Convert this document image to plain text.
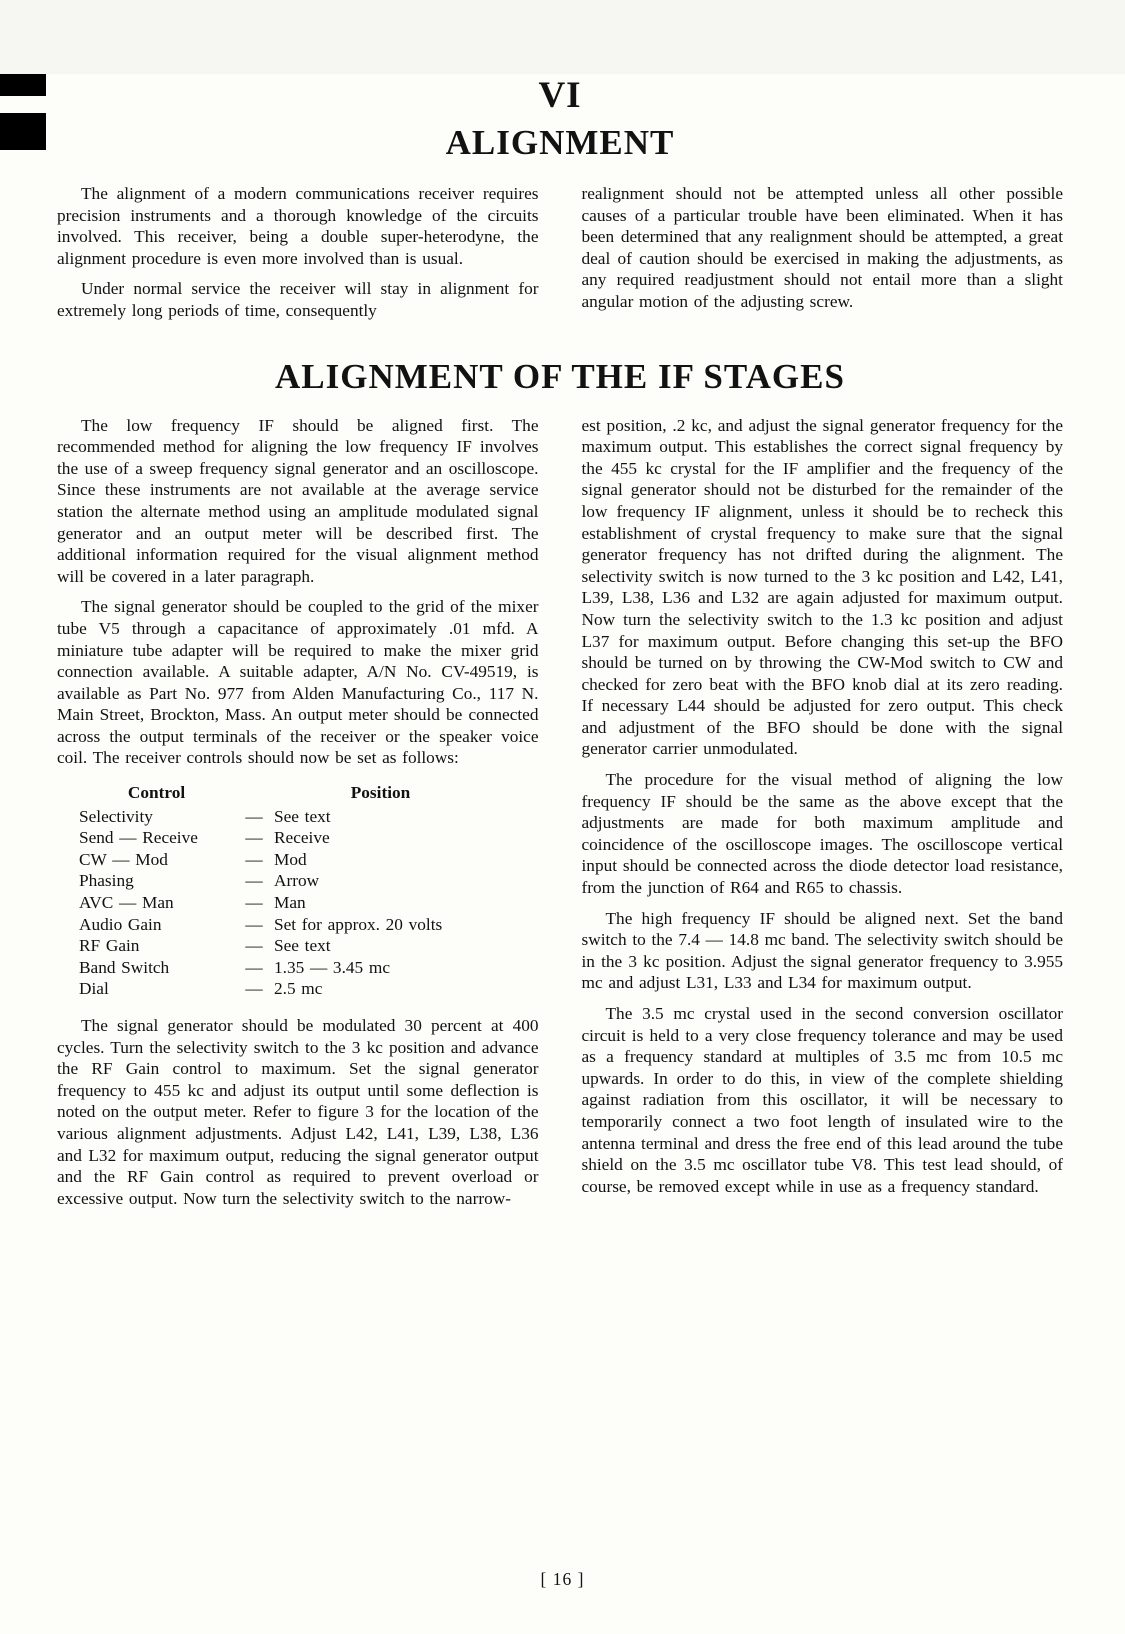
VI
ALIGNMENT

The alignment of a modern communications receiver requires precision instruments and a thorough knowledge of the circuits involved. This receiver, being a double super-heterodyne, the alignment procedure is even more involved than is usual.

Under normal service the receiver will stay in alignment for extremely long periods of time, consequently

realignment should not be attempted unless all other possible causes of a particular trouble have been eliminated. When it has been determined that any realignment should be attempted, a great deal of caution should be exercised in making the adjustments, as any required readjustment should not entail more than a slight angular motion of the adjusting screw.

ALIGNMENT OF THE IF STAGES

The low frequency IF should be aligned first. The recommended method for aligning the low frequency IF involves the use of a sweep frequency signal generator and an oscilloscope. Since these instruments are not available at the average service station the alternate method using an amplitude modulated signal generator and an output meter will be described first. The additional information required for the visual alignment method will be covered in a later paragraph.

The signal generator should be coupled to the grid of the mixer tube V5 through a capacitance of approximately .01 mfd. A miniature tube adapter will be required to make the mixer grid connection available. A suitable adapter, A/N No. CV-49519, is available as Part No. 977 from Alden Manufacturing Co., 117 N. Main Street, Brockton, Mass. An output meter should be connected across the output terminals of the receiver or the speaker voice coil. The receiver controls should now be set as follows:

Control	Position
Selectivity	— See text
Send — Receive	— Receive
CW — Mod	— Mod
Phasing	— Arrow
AVC — Man	— Man
Audio Gain	— Set for approx. 20 volts
RF Gain	— See text
Band Switch	— 1.35 — 3.45 mc
Dial	— 2.5 mc

The signal generator should be modulated 30 percent at 400 cycles. Turn the selectivity switch to the 3 kc position and advance the RF Gain control to maximum. Set the signal generator frequency to 455 kc and adjust its output until some deflection is noted on the output meter. Refer to figure 3 for the location of the various alignment adjustments. Adjust L42, L41, L39, L38, L36 and L32 for maximum output, reducing the signal generator output and the RF Gain control as required to prevent overload or excessive output. Now turn the selectivity switch to the narrow-

est position, .2 kc, and adjust the signal generator frequency for the maximum output. This establishes the correct signal frequency by the 455 kc crystal for the IF amplifier and the frequency of the signal generator should not be disturbed for the remainder of the low frequency IF alignment, unless it should be to recheck this establishment of crystal frequency to make sure that the signal generator frequency has not drifted during the alignment. The selectivity switch is now turned to the 3 kc position and L42, L41, L39, L38, L36 and L32 are again adjusted for maximum output. Now turn the selectivity switch to the 1.3 kc position and adjust L37 for maximum output. Before changing this set-up the BFO should be turned on by throwing the CW-Mod switch to CW and checked for zero beat with the BFO knob dial at its zero reading. If necessary L44 should be adjusted for zero output. This check and adjustment of the BFO should be done with the signal generator carrier unmodulated.

The procedure for the visual method of aligning the low frequency IF should be the same as the above except that the adjustments are made for both maximum amplitude and coincidence of the oscilloscope images. The oscilloscope vertical input should be connected across the diode detector load resistance, from the junction of R64 and R65 to chassis.

The high frequency IF should be aligned next. Set the band switch to the 7.4 — 14.8 mc band. The selectivity switch should be in the 3 kc position. Adjust the signal generator frequency to 3.955 mc and adjust L31, L33 and L34 for maximum output.

The 3.5 mc crystal used in the second conversion oscillator circuit is held to a very close frequency tolerance and may be used as a frequency standard at multiples of 3.5 mc from 10.5 mc upwards. In order to do this, in view of the complete shielding against radiation from this oscillator, it will be necessary to temporarily connect a two foot length of insulated wire to the antenna terminal and dress the free end of this lead around the tube shield on the 3.5 mc oscillator tube V8. This test lead should, of course, be removed except while in use as a frequency standard.

[ 16 ]
